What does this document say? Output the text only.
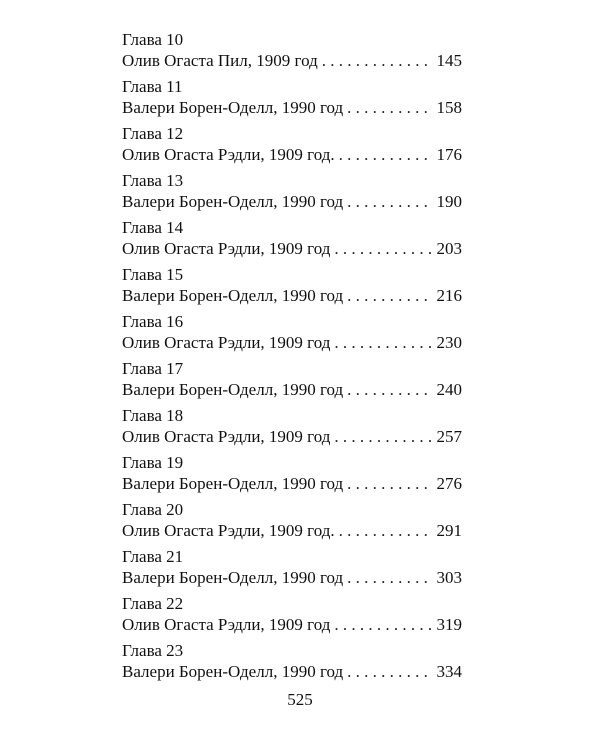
Глава 10
Олив Огаста Пил, 1909 год . . .	145
Глава 11
Валери Борен-Оделл, 1990 год . . .	158
Глава 12
Олив Огаста Рэдли, 1909 год. . . .	176
Глава 13
Валери Борен-Оделл, 1990 год . . .	190
Глава 14
Олив Огаста Рэдли, 1909 год . . .	203
Глава 15
Валери Борен-Оделл, 1990 год . . .	216
Глава 16
Олив Огаста Рэдли, 1909 год . . .	230
Глава 17
Валери Борен-Оделл, 1990 год . . .	240
Глава 18
Олив Огаста Рэдли, 1909 год . . .	257
Глава 19
Валери Борен-Оделл, 1990 год . . .	276
Глава 20
Олив Огаста Рэдли, 1909 год. . . .	291
Глава 21
Валери Борен-Оделл, 1990 год . . .	303
Глава 22
Олив Огаста Рэдли, 1909 год . . .	319
Глава 23
Валери Борен-Оделл, 1990 год . . .	334
525
